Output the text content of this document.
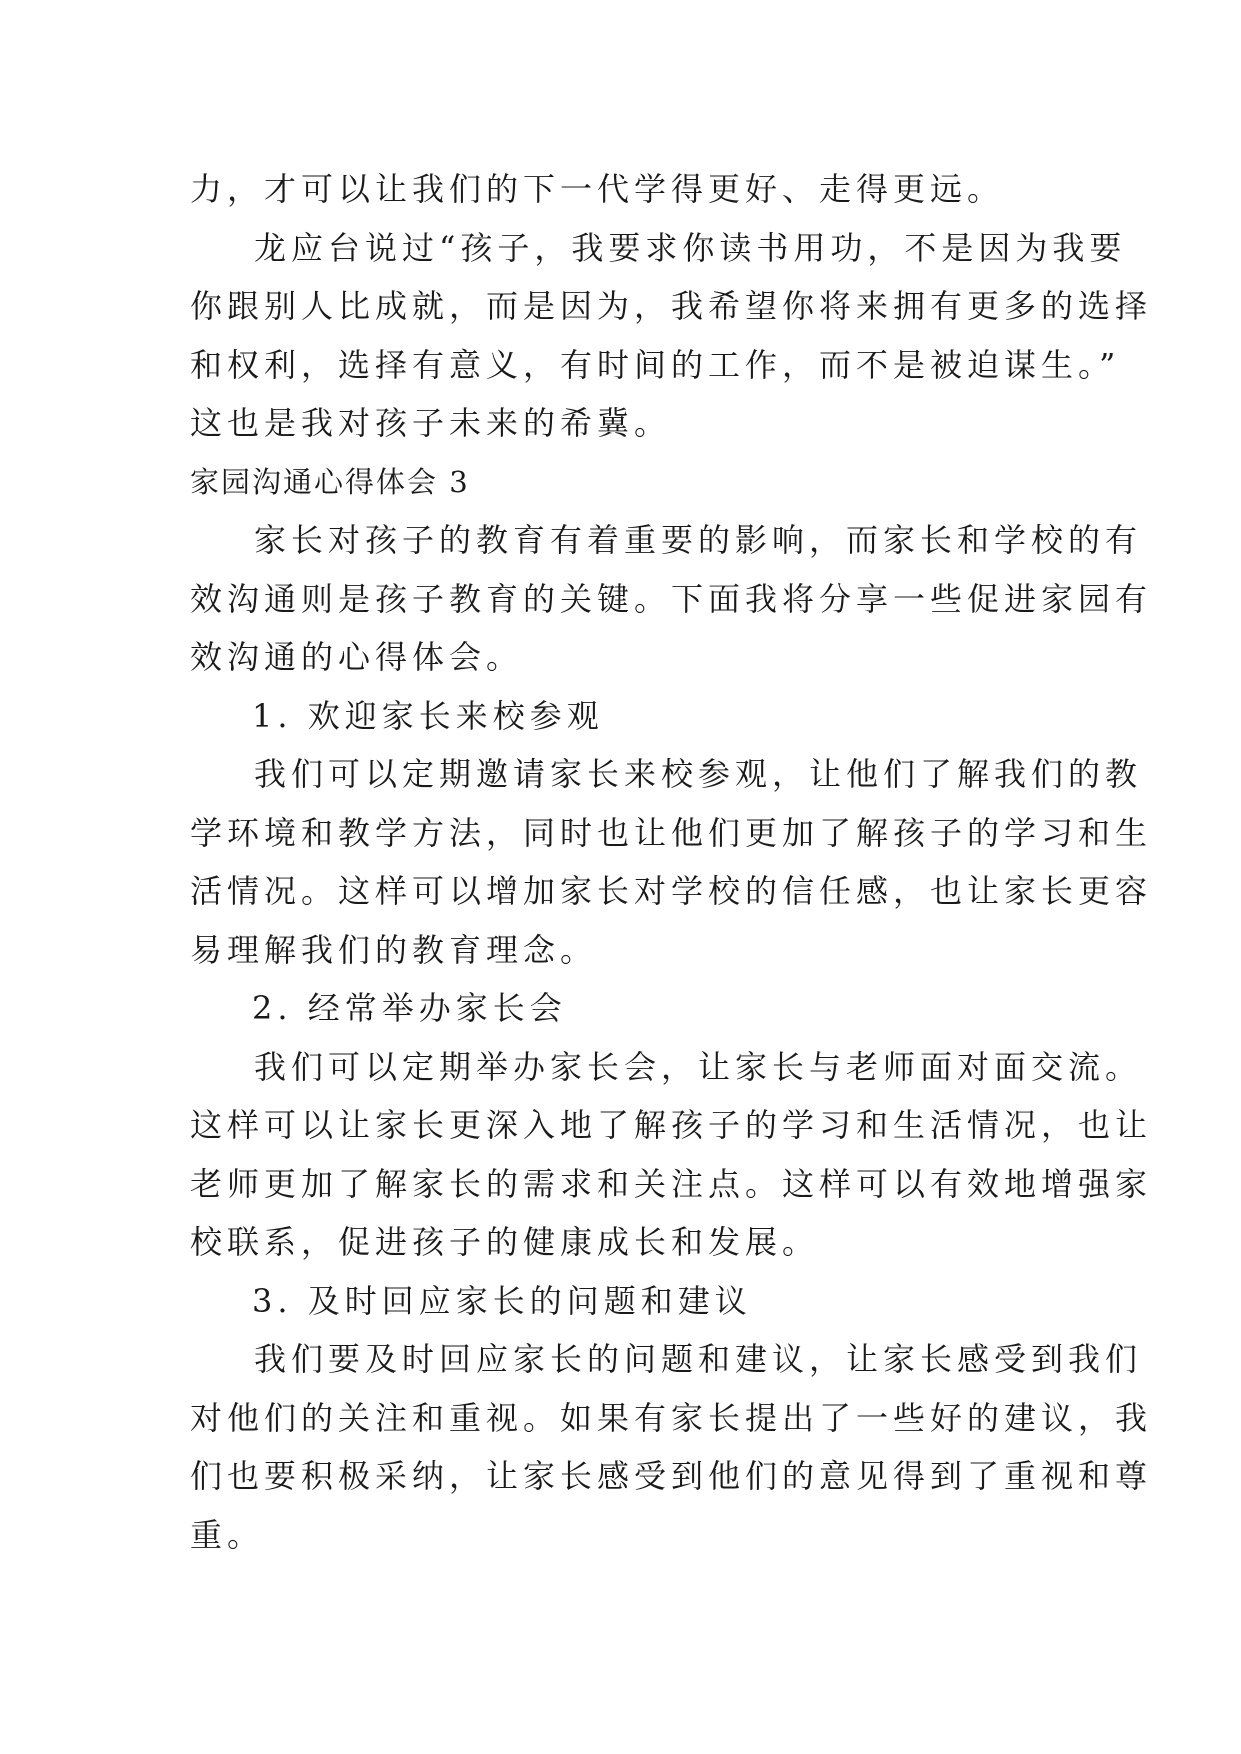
力，才可以让我们的下一代学得更好、走得更远。
龙应台说过“孩子，我要求你读书用功，不是因为我要
你跟别人比成就，而是因为，我希望你将来拥有更多的选择
和权利，选择有意义，有时间的工作，而不是被迫谋生。”
这也是我对孩子未来的希冀。
家园沟通心得体会 3
家长对孩子的教育有着重要的影响，而家长和学校的有
效沟通则是孩子教育的关键。下面我将分享一些促进家园有
效沟通的心得体会。
1. 欢迎家长来校参观
我们可以定期邀请家长来校参观，让他们了解我们的教
学环境和教学方法，同时也让他们更加了解孩子的学习和生
活情况。这样可以增加家长对学校的信任感，也让家长更容
易理解我们的教育理念。
2. 经常举办家长会
我们可以定期举办家长会，让家长与老师面对面交流。
这样可以让家长更深入地了解孩子的学习和生活情况，也让
老师更加了解家长的需求和关注点。这样可以有效地增强家
校联系，促进孩子的健康成长和发展。
3. 及时回应家长的问题和建议
我们要及时回应家长的问题和建议，让家长感受到我们
对他们的关注和重视。如果有家长提出了一些好的建议，我
们也要积极采纳，让家长感受到他们的意见得到了重视和尊
重。
